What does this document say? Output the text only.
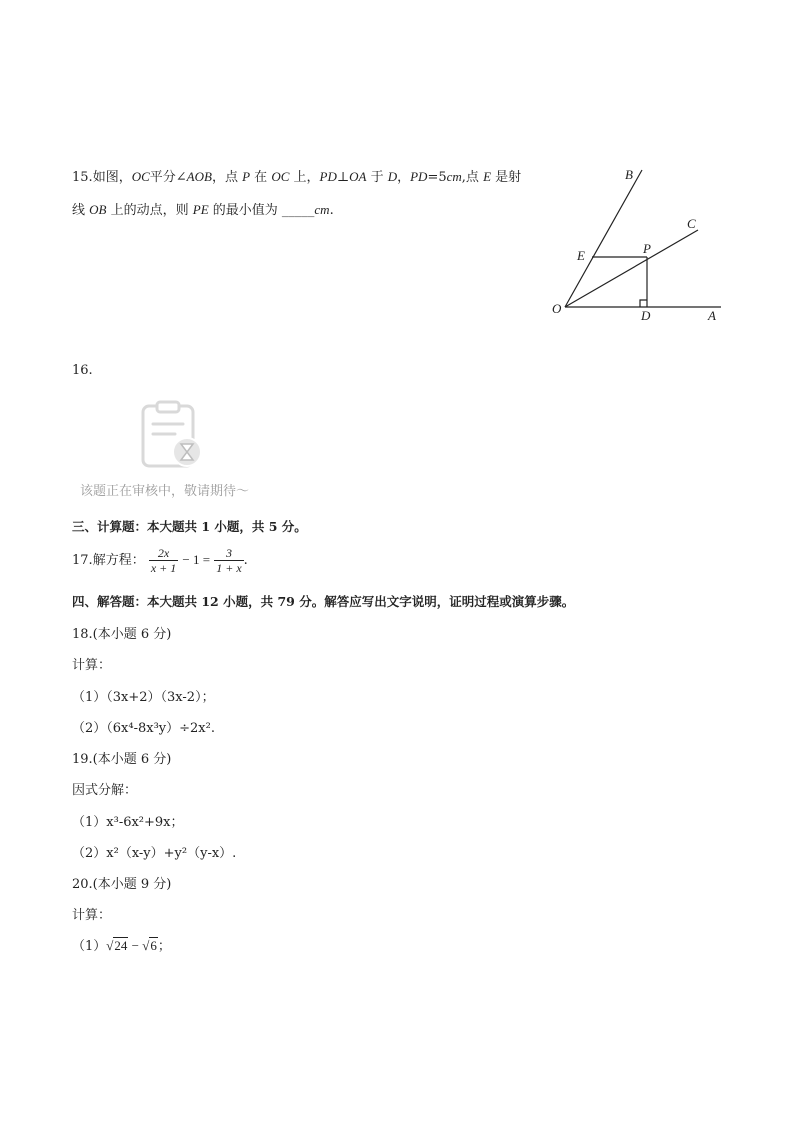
15.如图，OC平分∠AOB，点 P 在 OC 上，PD⊥OA 于 D，PD=5cm,点 E 是射
线 OB 上的动点，则 PE 的最小值为 _____cm.
B
C
E	P
O	D	A
16.
该题正在审核中，敬请期待～
三、计算题：本大题共 1 小题，共 5 分。
17.解方程： $\frac{2x}{x + 1} - 1 = \frac{3}{1 + x}$ .
四、解答题：本大题共 12 小题，共 79 分。解答应写出文字说明，证明过程或演算步骤。
18.(本小题 6 分)
计算：
（1）（3x+2）（3x-2）；
（2）（6x⁴-8x³y）÷2x².
19.(本小题 6 分)
因式分解：
（1）x³-6x²+9x；
（2）x²（x-y）+y²（y-x）.
20.(本小题 9 分)
计算：
（1）√24 − √6；
